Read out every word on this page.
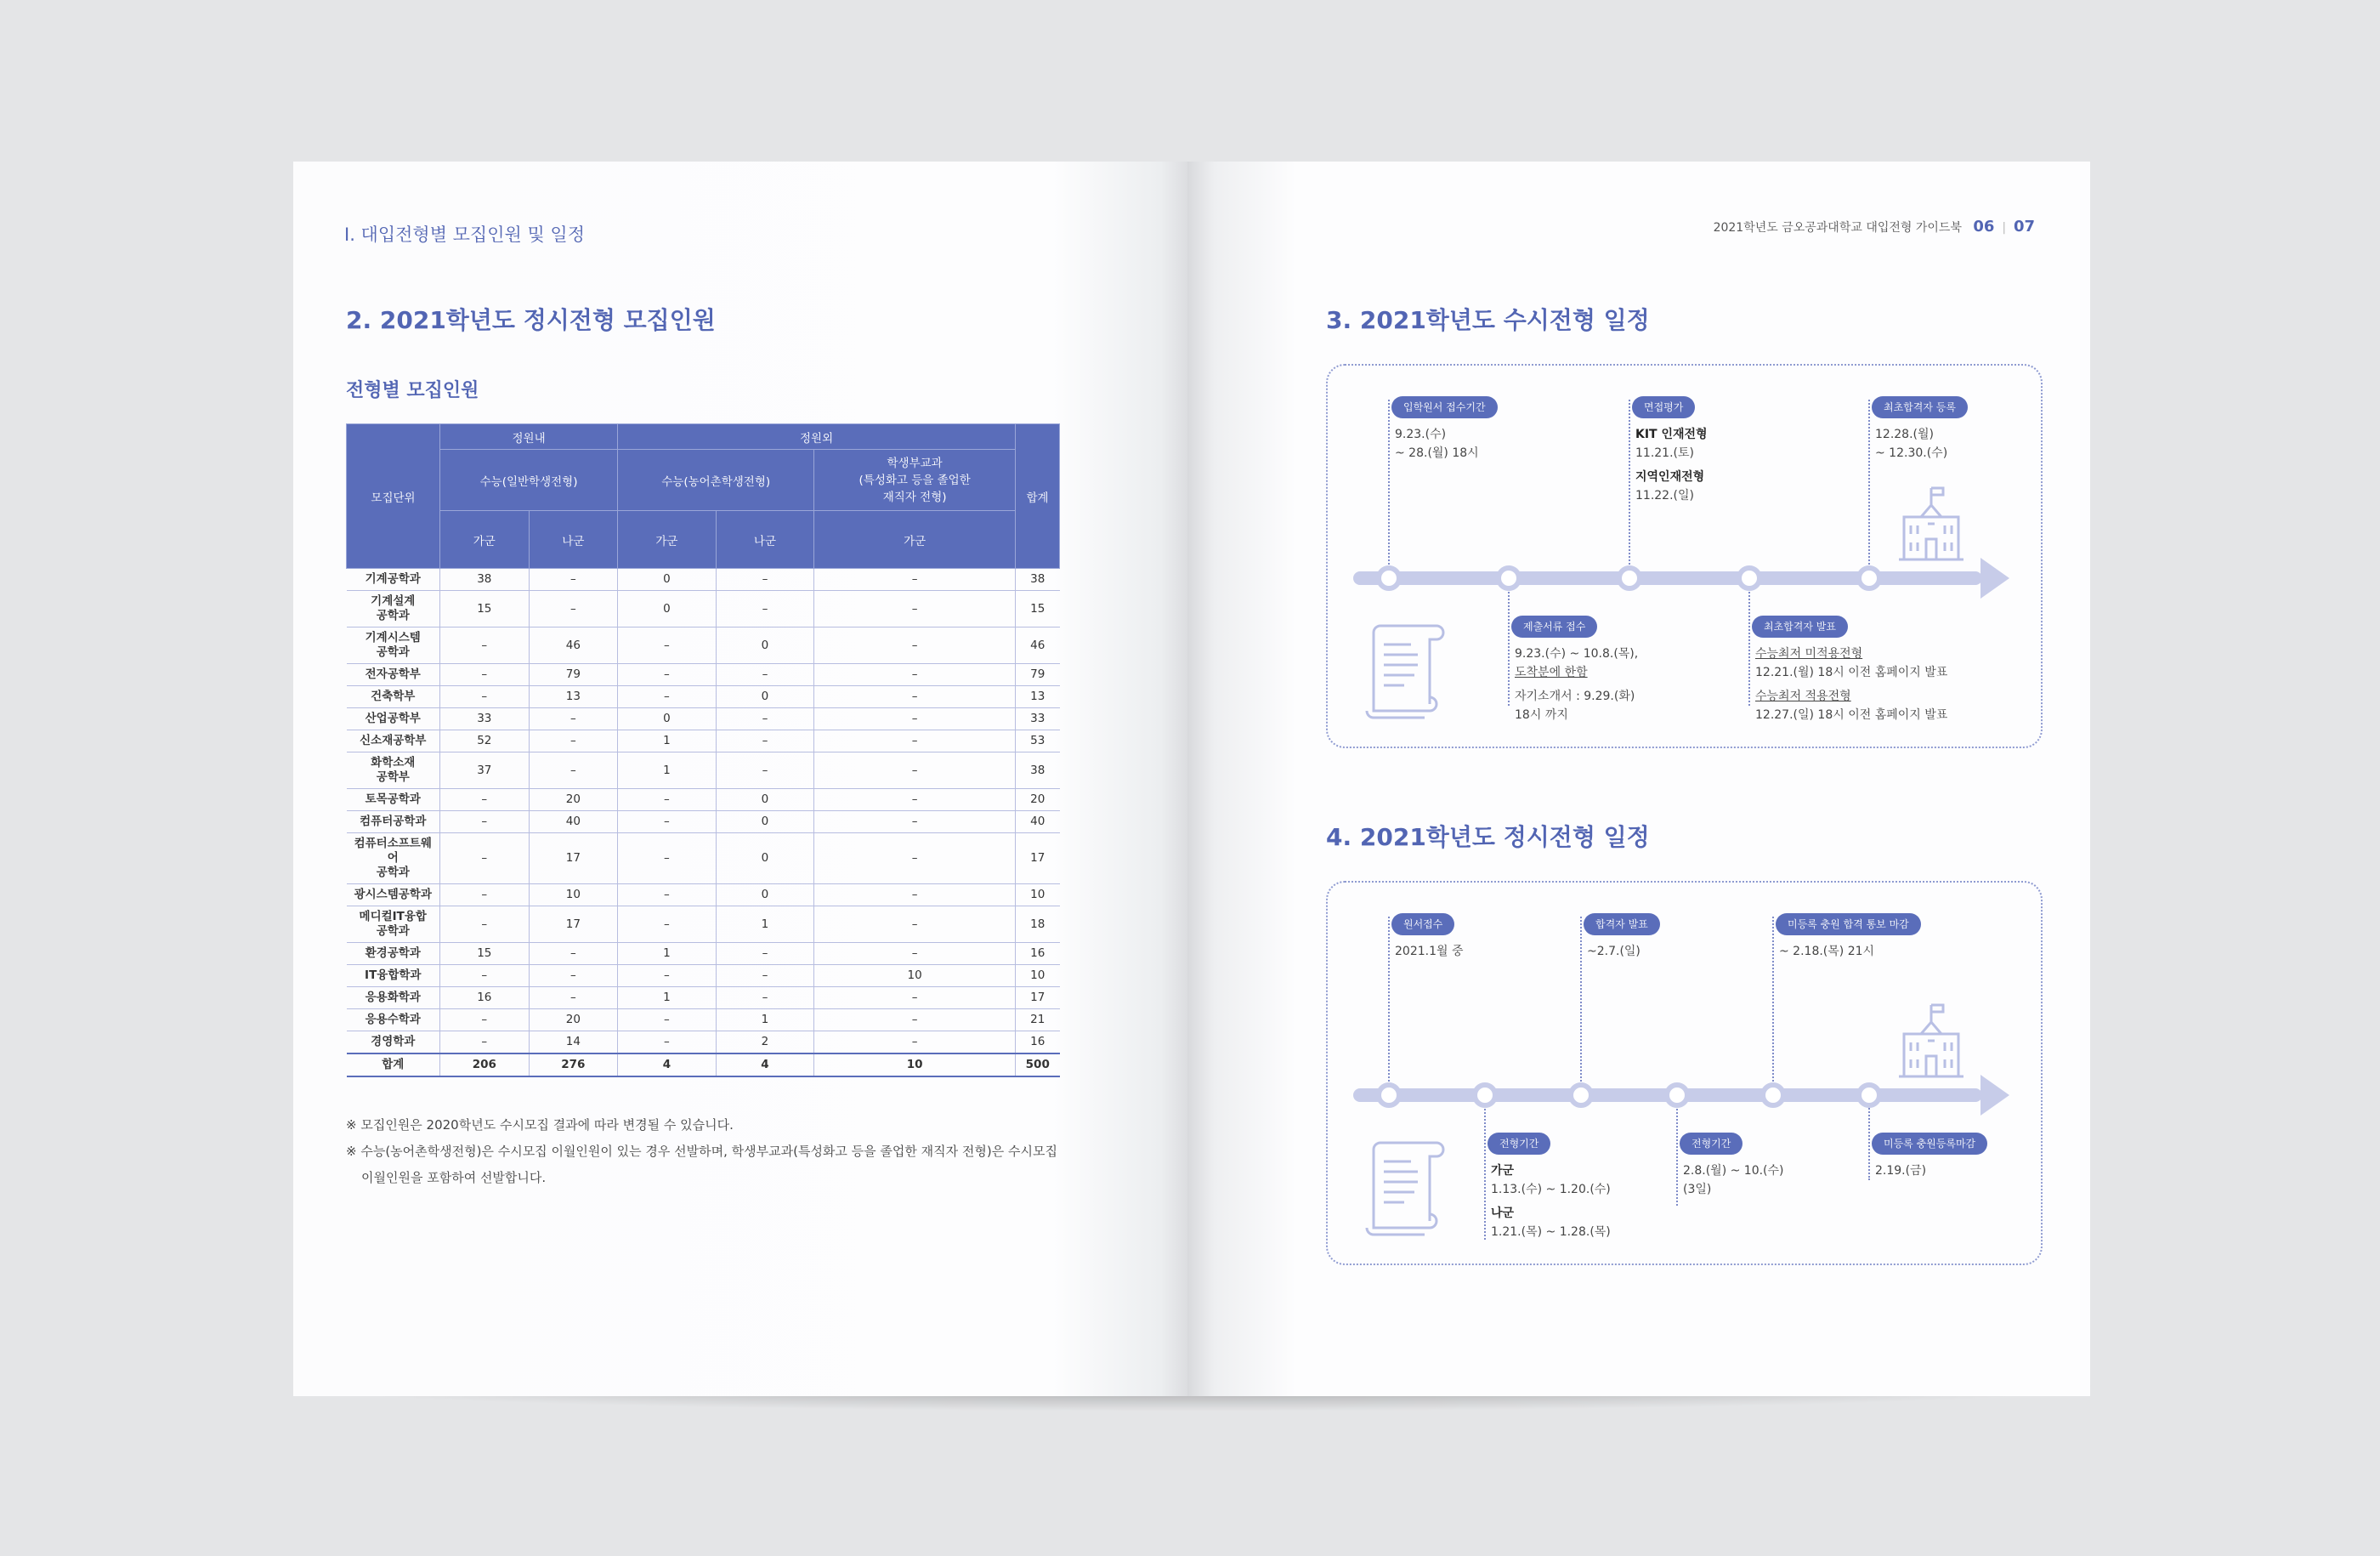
Ⅰ. 대입전형별 모집인원 및 일정
2. 2021학년도 정시전형 모집인원
전형별 모집인원
모집단위	정원내		정원외			합계
	수능(일반학생전형)		수능(농어촌학생전형)		학생부교과
(특성화고 등을 졸업한
재직자 전형)	
	가군	나군	가군	나군	가군	
기계공학과	38	–	0	–	–	38
기계설계
공학과	15	–	0	–	–	15
기계시스템
공학과	–	46	–	0	–	46
전자공학부	–	79	–	–	–	79
건축학부	–	13	–	0	–	13
산업공학부	33	–	0	–	–	33
신소재공학부	52	–	1	–	–	53
화학소재
공학부	37	–	1	–	–	38
토목공학과	–	20	–	0	–	20
컴퓨터공학과	–	40	–	0	–	40
컴퓨터소프트웨어
공학과	–	17	–	0	–	17
광시스템공학과	–	10	–	0	–	10
메디컬IT융합
공학과	–	17	–	1	–	18
환경공학과	15	–	1	–	–	16
IT융합학과	–	–	–	–	10	10
응용화학과	16	–	1	–	–	17
응용수학과	–	20	–	1	–	21
경영학과	–	14	–	2	–	16
합계	206	276	4	4	10	500
※ 모집인원은 2020학년도 수시모집 결과에 따라 변경될 수 있습니다.
※ 수능(농어촌학생전형)은 수시모집 이월인원이 있는 경우 선발하며, 학생부교과(특성화고 등을 졸업한 재직자 전형)은 수시모집
이월인원을 포함하여 선발합니다.
2021학년도 금오공과대학교 대입전형 가이드북 06 | 07
3. 2021학년도 수시전형 일정
입학원서 접수기간
9.23.(수)
~ 28.(월) 18시
면접평가
KIT 인재전형
11.21.(토)
지역인재전형
11.22.(일)
최초합격자 등록
12.28.(월)
~ 12.30.(수)
제출서류 접수
9.23.(수) ~ 10.8.(목),
도착분에 한함
자기소개서 : 9.29.(화)
18시 까지
최초합격자 발표
수능최저 미적용전형
12.21.(월) 18시 이전 홈페이지 발표
수능최저 적용전형
12.27.(일) 18시 이전 홈페이지 발표
4. 2021학년도 정시전형 일정
원서접수
2021.1월 중
합격자 발표
~2.7.(일)
미등록 충원 합격 통보 마감
~ 2.18.(목) 21시
전형기간
가군
1.13.(수) ~ 1.20.(수)
나군
1.21.(목) ~ 1.28.(목)
전형기간
2.8.(월) ~ 10.(수)
(3일)
미등록 충원등록마감
2.19.(금)
